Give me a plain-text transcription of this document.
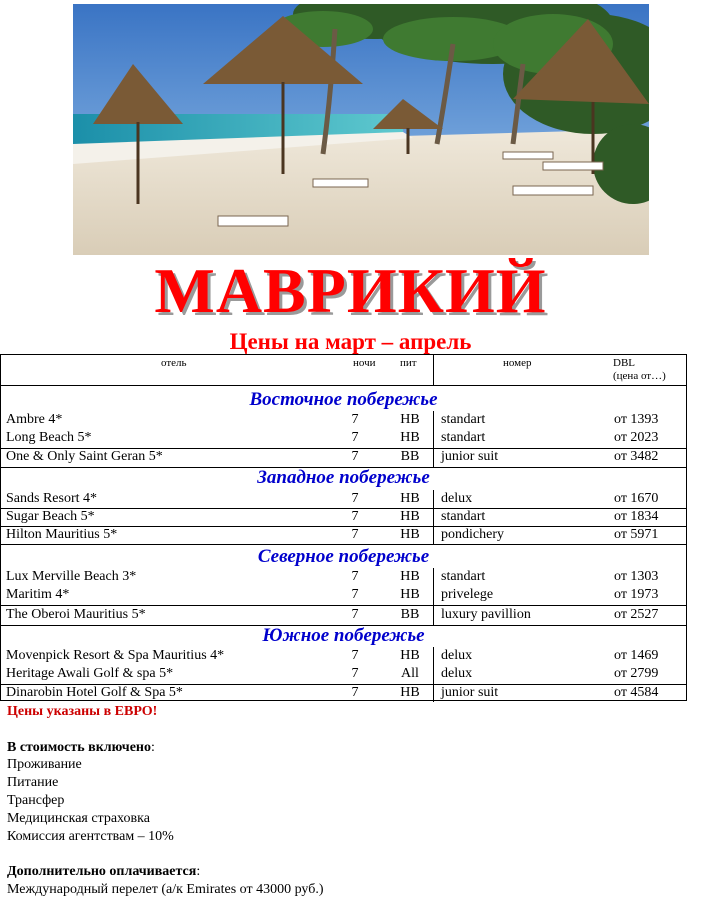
МАВРИКИЙ
Цены на март – апрель
отель	ночи пит	номер	DBL
(цена от…)
Восточное побережье
Ambre 4*	7	HB	standart	от 1393
Long Beach 5*	7	HB	standart	от 2023
One & Only Saint Geran 5*	7	BB	junior suit	от 3482
Западное побережье
Sands Resort 4*	7	HB	delux	от 1670
Sugar Beach 5*	7	HB	standart	от 1834
Hilton Mauritius 5*	7	HB	pondichery	от 5971
Северное побережье
Lux Merville Beach 3*	7	HB	standart	от 1303
Maritim 4*	7	HB	privelege	от 1973
The Oberoi Mauritius 5*	7	BB	luxury pavillion	от 2527
Южное побережье
Movenpick Resort & Spa Mauritius 4*	7	HB	delux	от 1469
Heritage Awali Golf & spa 5*	7	All	delux	от 2799
Dinarobin Hotel Golf & Spa 5*	7	HB	junior suit	от 4584
Цены указаны в ЕВРО!
В стоимость включено:
Проживание
Питание
Трансфер
Медицинская страховка
Комиссия агентствам – 10%
Дополнительно оплачивается:
Международный перелет (а/к Emirates от 43000 руб.)
